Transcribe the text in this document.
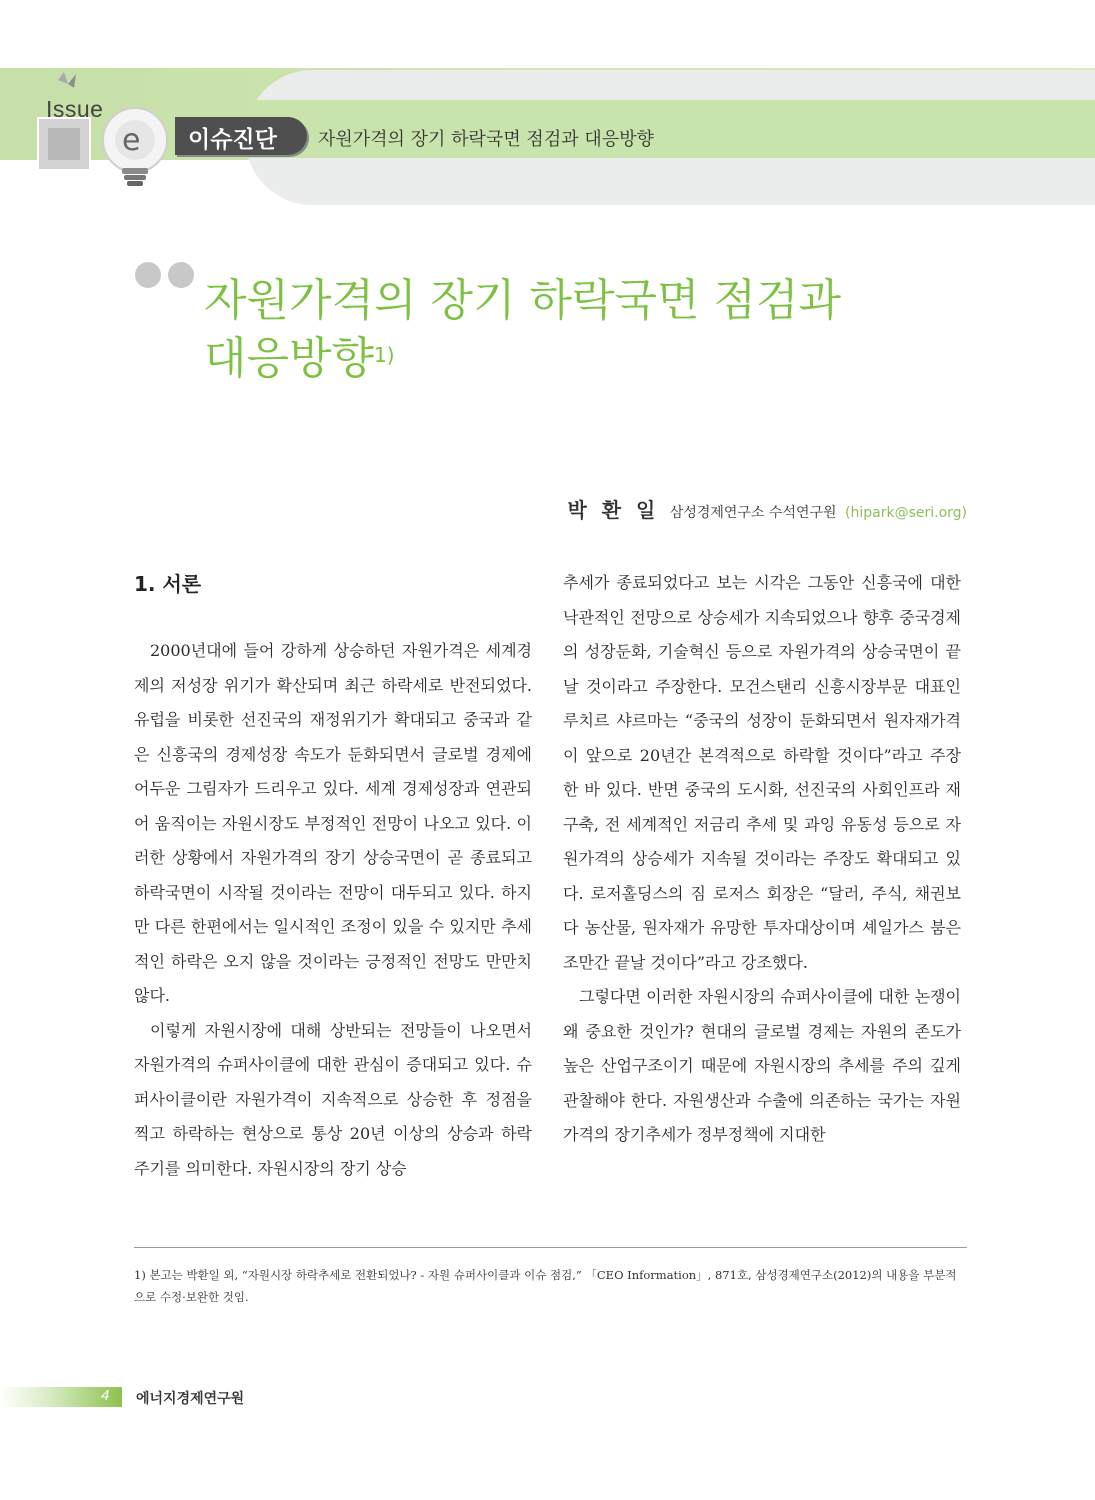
e
Issue
이슈진단 자원가격의 장기 하락국면 점검과 대응방향
자원가격의 장기 하락국면 점검과
대응방향$^{1)}$
박 환 일 삼성경제연구소 수석연구원 (hipark@seri.org)
1. 서론

2000년대에 들어 강하게 상승하던 자원가격은 세계경제의 저성장 위기가 확산되며 최근 하락세로 반전되었다. 유럽을 비롯한 선진국의 재정위기가 확대되고 중국과 같은 신흥국의 경제성장 속도가 둔화되면서 글로벌 경제에 어두운 그림자가 드리우고 있다. 세계 경제성장과 연관되어 움직이는 자원시장도 부정적인 전망이 나오고 있다. 이러한 상황에서 자원가격의 장기 상승국면이 곧 종료되고 하락국면이 시작될 것이라는 전망이 대두되고 있다. 하지만 다른 한편에서는 일시적인 조정이 있을 수 있지만 추세적인 하락은 오지 않을 것이라는 긍정적인 전망도 만만치 않다.

이렇게 자원시장에 대해 상반되는 전망들이 나오면서 자원가격의 슈퍼사이클에 대한 관심이 증대되고 있다. 슈퍼사이클이란 자원가격이 지속적으로 상승한 후 정점을 찍고 하락하는 현상으로 통상 20년 이상의 상승과 하락 주기를 의미한다. 자원시장의 장기 상승

추세가 종료되었다고 보는 시각은 그동안 신흥국에 대한 낙관적인 전망으로 상승세가 지속되었으나 향후 중국경제의 성장둔화, 기술혁신 등으로 자원가격의 상승국면이 끝날 것이라고 주장한다. 모건스탠리 신흥시장부문 대표인 루치르 샤르마는 “중국의 성장이 둔화되면서 원자재가격이 앞으로 20년간 본격적으로 하락할 것이다”라고 주장한 바 있다. 반면 중국의 도시화, 선진국의 사회인프라 재구축, 전 세계적인 저금리 추세 및 과잉 유동성 등으로 자원가격의 상승세가 지속될 것이라는 주장도 확대되고 있다. 로저홀딩스의 짐 로저스 회장은 “달러, 주식, 채권보다 농산물, 원자재가 유망한 투자대상이며 셰일가스 붐은 조만간 끝날 것이다”라고 강조했다.

그렇다면 이러한 자원시장의 슈퍼사이클에 대한 논쟁이 왜 중요한 것인가? 현대의 글로벌 경제는 자원의 존도가 높은 산업구조이기 때문에 자원시장의 추세를 주의 깊게 관찰해야 한다. 자원생산과 수출에 의존하는 국가는 자원가격의 장기추세가 정부정책에 지대한

1) 본고는 박환일 외, “자원시장 하락추세로 전환되었나? - 자원 슈퍼사이클과 이슈 점검,” 「CEO Information」, 871호, 삼성경제연구소(2012)의 내용을 부분적으로 수정·보완한 것임.
4 에너지경제연구원
